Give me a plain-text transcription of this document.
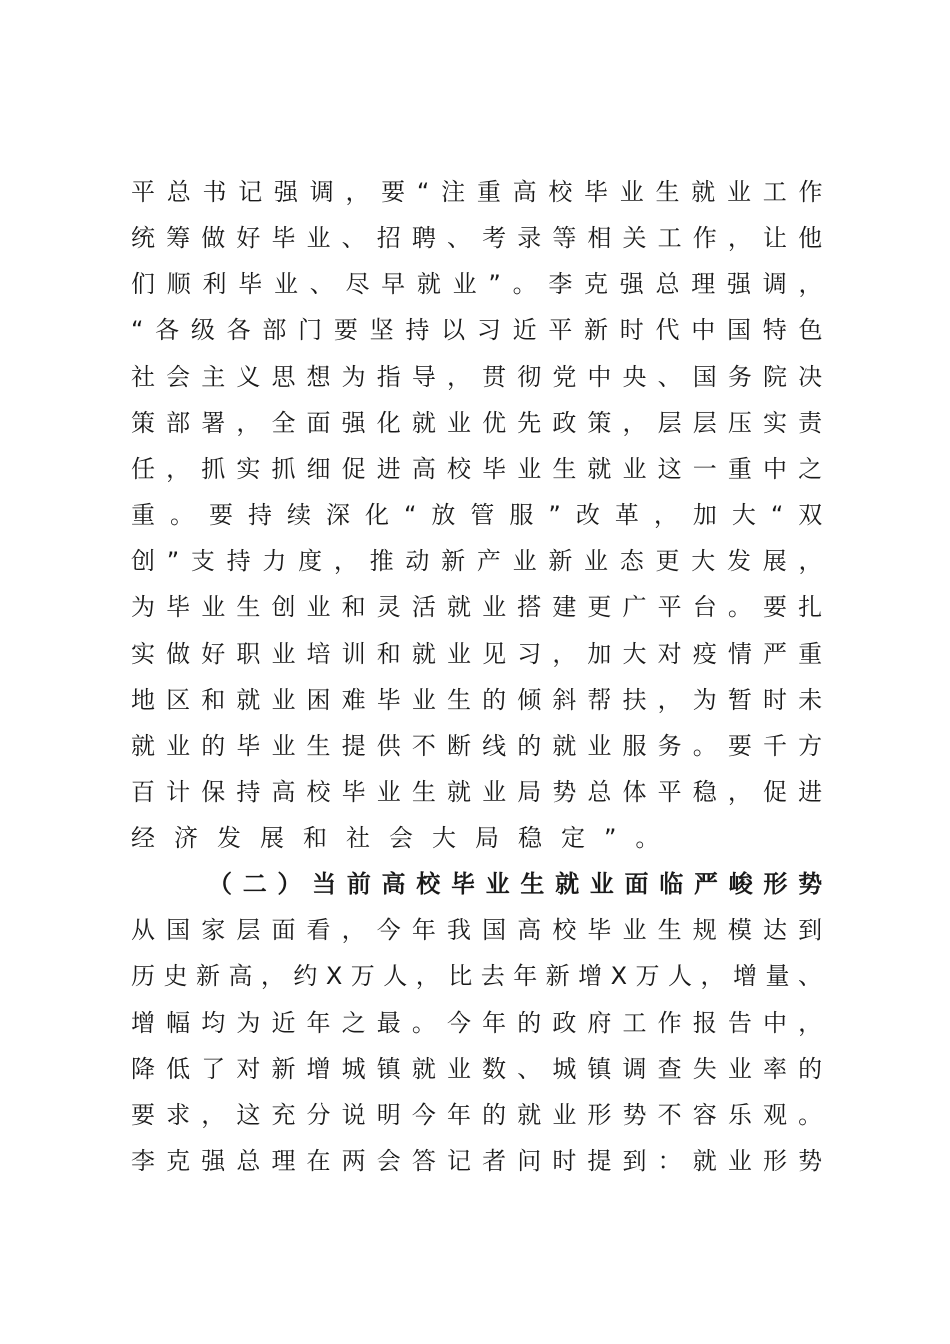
平总书记强调，要“注重高校毕业生就业工作
统筹做好毕业、招聘、考录等相关工作，让他
们顺利毕业、尽早就业”。李克强总理强调，
“各级各部门要坚持以习近平新时代中国特色
社会主义思想为指导，贯彻党中央、国务院决
策部署，全面强化就业优先政策，层层压实责
任，抓实抓细促进高校毕业生就业这一重中之
重。要持续深化“放管服”改革，加大“双
创”支持力度，推动新产业新业态更大发展，
为毕业生创业和灵活就业搭建更广平台。要扎
实做好职业培训和就业见习，加大对疫情严重
地区和就业困难毕业生的倾斜帮扶，为暂时未
就业的毕业生提供不断线的就业服务。要千方
百计保持高校毕业生就业局势总体平稳，促进
经济发展和社会大局稳定”。
（二）当前高校毕业生就业面临严峻形势
从国家层面看，今年我国高校毕业生规模达到
历史新高，约X万人，比去年新增X万人，增量、
增幅均为近年之最。今年的政府工作报告中，
降低了对新增城镇就业数、城镇调查失业率的
要求，这充分说明今年的就业形势不容乐观。
李克强总理在两会答记者问时提到：就业形势
